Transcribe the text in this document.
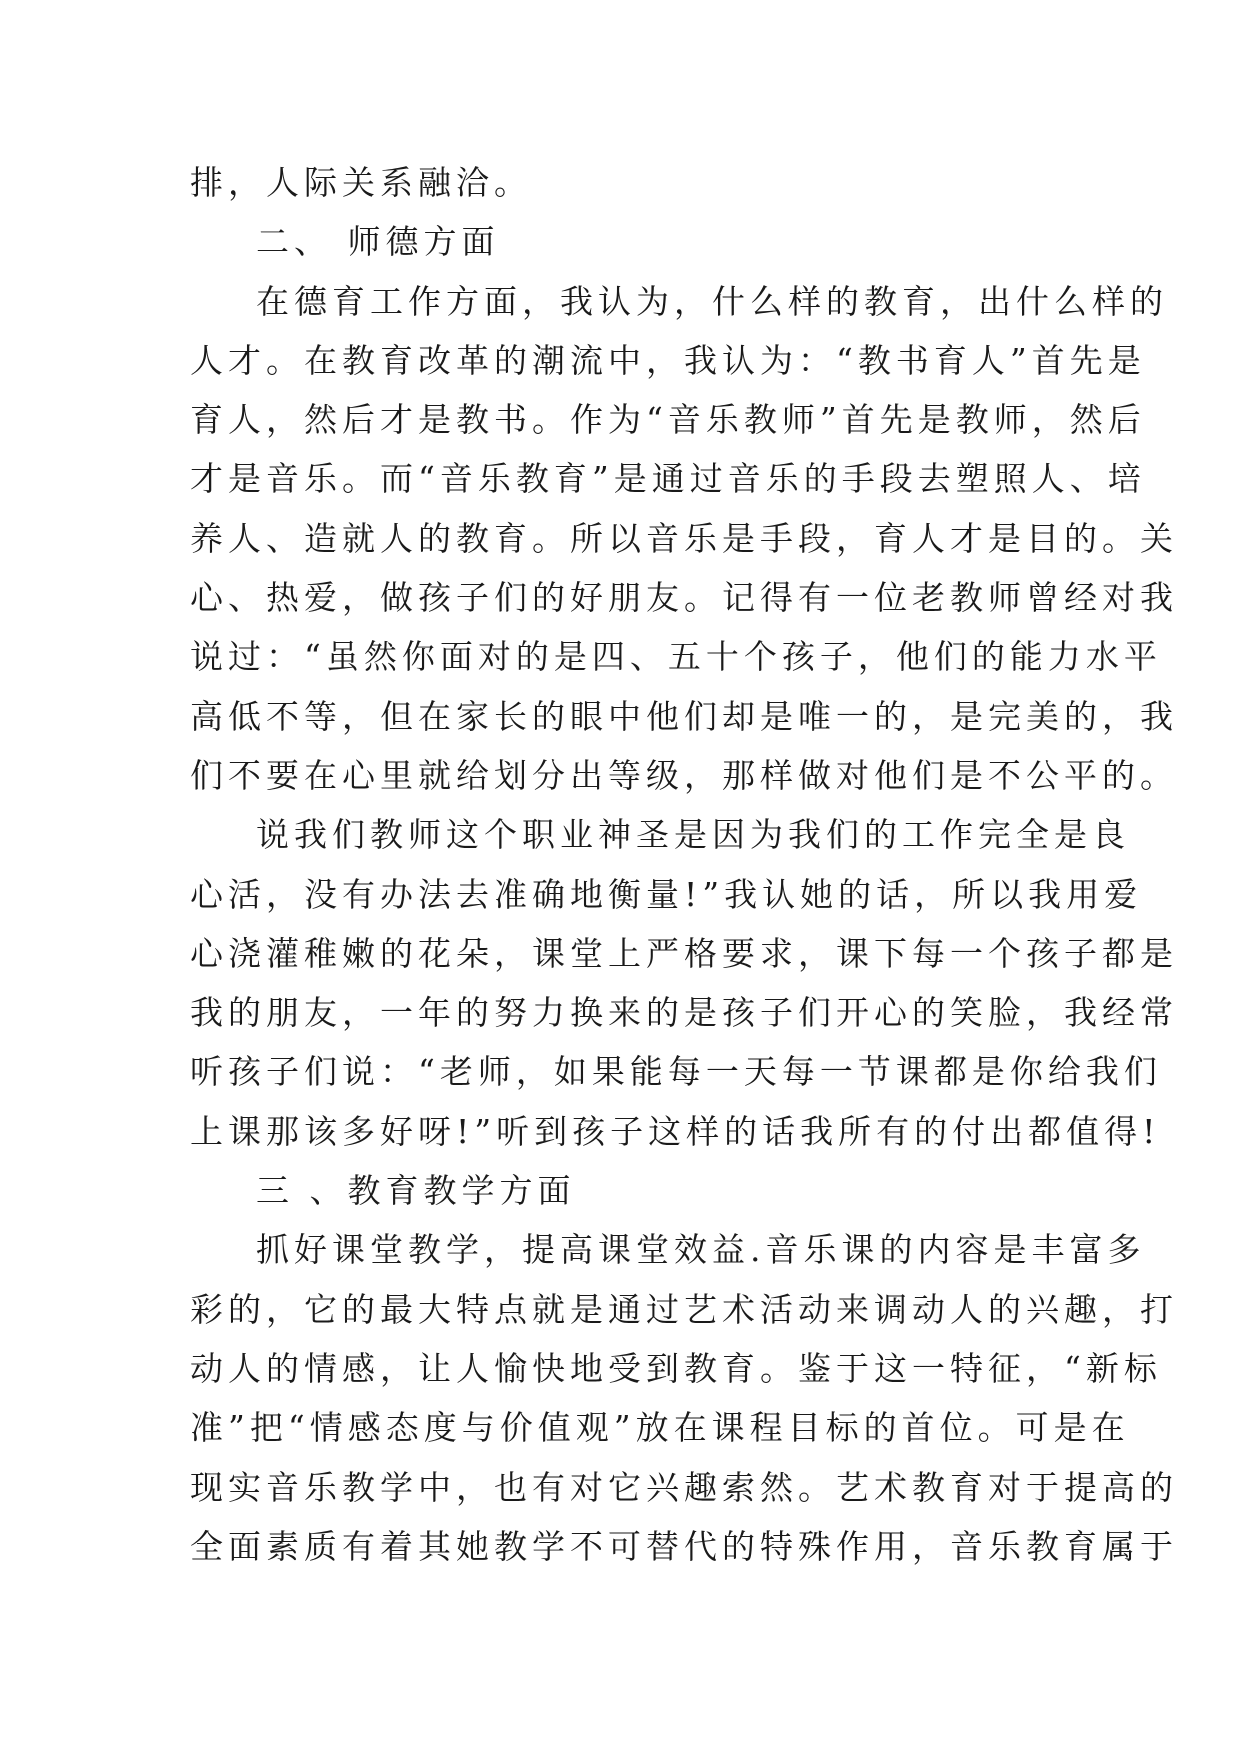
排，人际关系融洽。
二、 师德方面
在德育工作方面，我认为，什么样的教育，出什么样的
人才。在教育改革的潮流中，我认为：“教书育人”首先是
育人，然后才是教书。作为“音乐教师”首先是教师，然后
才是音乐。而“音乐教育”是通过音乐的手段去塑照人、培
养人、造就人的教育。所以音乐是手段，育人才是目的。关
心、热爱，做孩子们的好朋友。记得有一位老教师曾经对我
说过：“虽然你面对的是四、五十个孩子，他们的能力水平
高低不等，但在家长的眼中他们却是唯一的，是完美的，我
们不要在心里就给划分出等级，那样做对他们是不公平的。
说我们教师这个职业神圣是因为我们的工作完全是良
心活，没有办法去准确地衡量!”我认她的话，所以我用爱
心浇灌稚嫩的花朵，课堂上严格要求，课下每一个孩子都是
我的朋友，一年的努力换来的是孩子们开心的笑脸，我经常
听孩子们说：“老师，如果能每一天每一节课都是你给我们
上课那该多好呀!”听到孩子这样的话我所有的付出都值得!
三 、教育教学方面
抓好课堂教学，提高课堂效益.音乐课的内容是丰富多
彩的，它的最大特点就是通过艺术活动来调动人的兴趣，打
动人的情感，让人愉快地受到教育。鉴于这一特征，“新标
准”把“情感态度与价值观”放在课程目标的首位。可是在
现实音乐教学中，也有对它兴趣索然。艺术教育对于提高的
全面素质有着其她教学不可替代的特殊作用，音乐教育属于
